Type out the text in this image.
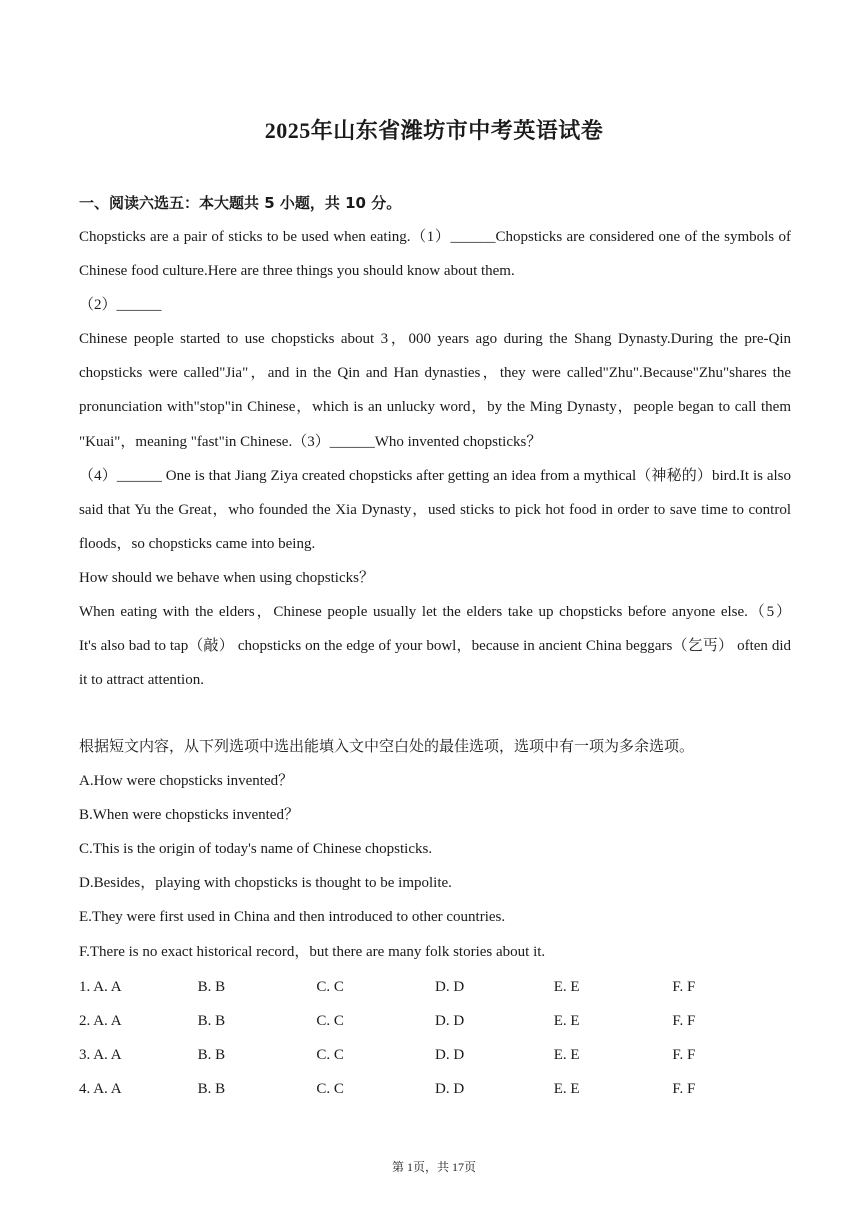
2025年山东省潍坊市中考英语试卷
一、阅读六选五：本大题共 5 小题，共 10 分。
Chopsticks are a pair of sticks to be used when eating.（1）______Chopsticks are considered one of the symbols of
Chinese food culture.Here are three things you should know about them.
（2）______
Chinese people started to use chopsticks about 3，000 years ago during the Shang Dynasty.During the pre-Qin
chopsticks were called"Jia"，and in the Qin and Han dynasties，they were called"Zhu".Because"Zhu"shares the
pronunciation with"stop"in Chinese，which is an unlucky word，by the Ming Dynasty，people began to call them
"Kuai"，meaning "fast"in Chinese.（3）______Who invented chopsticks？
（4）______ One is that Jiang Ziya created chopsticks after getting an idea from a mythical（神秘的）bird.It is also
said that Yu the Great，who founded the Xia Dynasty，used sticks to pick hot food in order to save time to control
floods，so chopsticks came into being.
How should we behave when using chopsticks？
When eating with the elders，Chinese people usually let the elders take up chopsticks before anyone else.（5）
It's also bad to tap（敲） chopsticks on the edge of your bowl，because in ancient China beggars（乞丐） often did
it to attract attention.
根据短文内容，从下列选项中选出能填入文中空白处的最佳选项，选项中有一项为多余选项。
A.How were chopsticks invented？
B.When were chopsticks invented？
C.This is the origin of today's name of Chinese chopsticks.
D.Besides，playing with chopsticks is thought to be impolite.
E.They were first used in China and then introduced to other countries.
F.There is no exact historical record，but there are many folk stories about it.
1. A. A	B. B	C. C	D. D	E. E	F. F
2. A. A	B. B	C. C	D. D	E. E	F. F
3. A. A	B. B	C. C	D. D	E. E	F. F
4. A. A	B. B	C. C	D. D	E. E	F. F
第 1页，共 17页
